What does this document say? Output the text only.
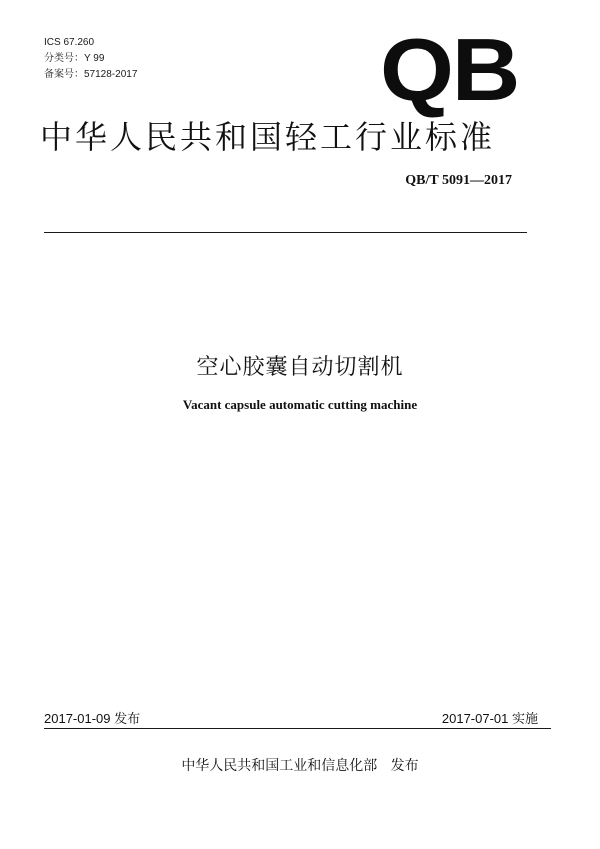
ICS 67.260
分类号：Y 99
备案号：57128-2017	QB
中华人民共和国轻工行业标准
QB/T 5091—2017
空心胶囊自动切割机
Vacant capsule automatic cutting machine
2017-01-09 发布	2017-07-01 实施
中华人民共和国工业和信息化部   发布
